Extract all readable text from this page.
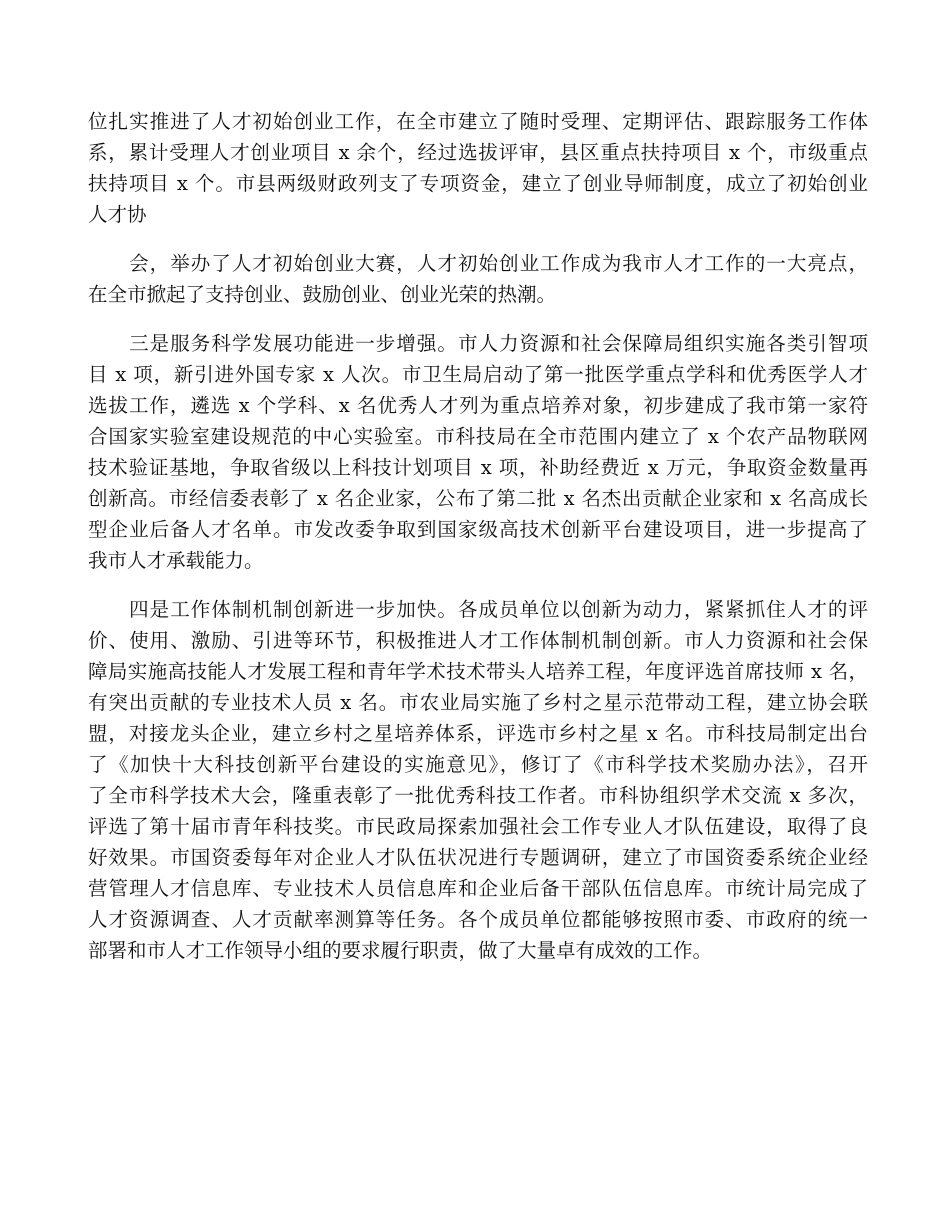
位扎实推进了人才初始创业工作，在全市建立了随时受理、定期评估、跟踪服务工作体
系，累计受理人才创业项目 x 余个，经过选拔评审，县区重点扶持项目 x 个，市级重点
扶持项目 x 个。市县两级财政列支了专项资金，建立了创业导师制度，成立了初始创业
人才协
　　会，举办了人才初始创业大赛，人才初始创业工作成为我市人才工作的一大亮点，
在全市掀起了支持创业、鼓励创业、创业光荣的热潮。
　　三是服务科学发展功能进一步增强。市人力资源和社会保障局组织实施各类引智项
目 x 项，新引进外国专家 x 人次。市卫生局启动了第一批医学重点学科和优秀医学人才
选拔工作，遴选 x 个学科、x 名优秀人才列为重点培养对象，初步建成了我市第一家符
合国家实验室建设规范的中心实验室。市科技局在全市范围内建立了 x 个农产品物联网
技术验证基地，争取省级以上科技计划项目 x 项，补助经费近 x 万元，争取资金数量再
创新高。市经信委表彰了 x 名企业家，公布了第二批 x 名杰出贡献企业家和 x 名高成长
型企业后备人才名单。市发改委争取到国家级高技术创新平台建设项目，进一步提高了
我市人才承载能力。
　　四是工作体制机制创新进一步加快。各成员单位以创新为动力，紧紧抓住人才的评
价、使用、激励、引进等环节，积极推进人才工作体制机制创新。市人力资源和社会保
障局实施高技能人才发展工程和青年学术技术带头人培养工程，年度评选首席技师 x 名，
有突出贡献的专业技术人员 x 名。市农业局实施了乡村之星示范带动工程，建立协会联
盟，对接龙头企业，建立乡村之星培养体系，评选市乡村之星 x 名。市科技局制定出台
了《加快十大科技创新平台建设的实施意见》，修订了《市科学技术奖励办法》，召开
了全市科学技术大会，隆重表彰了一批优秀科技工作者。市科协组织学术交流 x 多次，
评选了第十届市青年科技奖。市民政局探索加强社会工作专业人才队伍建设，取得了良
好效果。市国资委每年对企业人才队伍状况进行专题调研，建立了市国资委系统企业经
营管理人才信息库、专业技术人员信息库和企业后备干部队伍信息库。市统计局完成了
人才资源调查、人才贡献率测算等任务。各个成员单位都能够按照市委、市政府的统一
部署和市人才工作领导小组的要求履行职责，做了大量卓有成效的工作。
